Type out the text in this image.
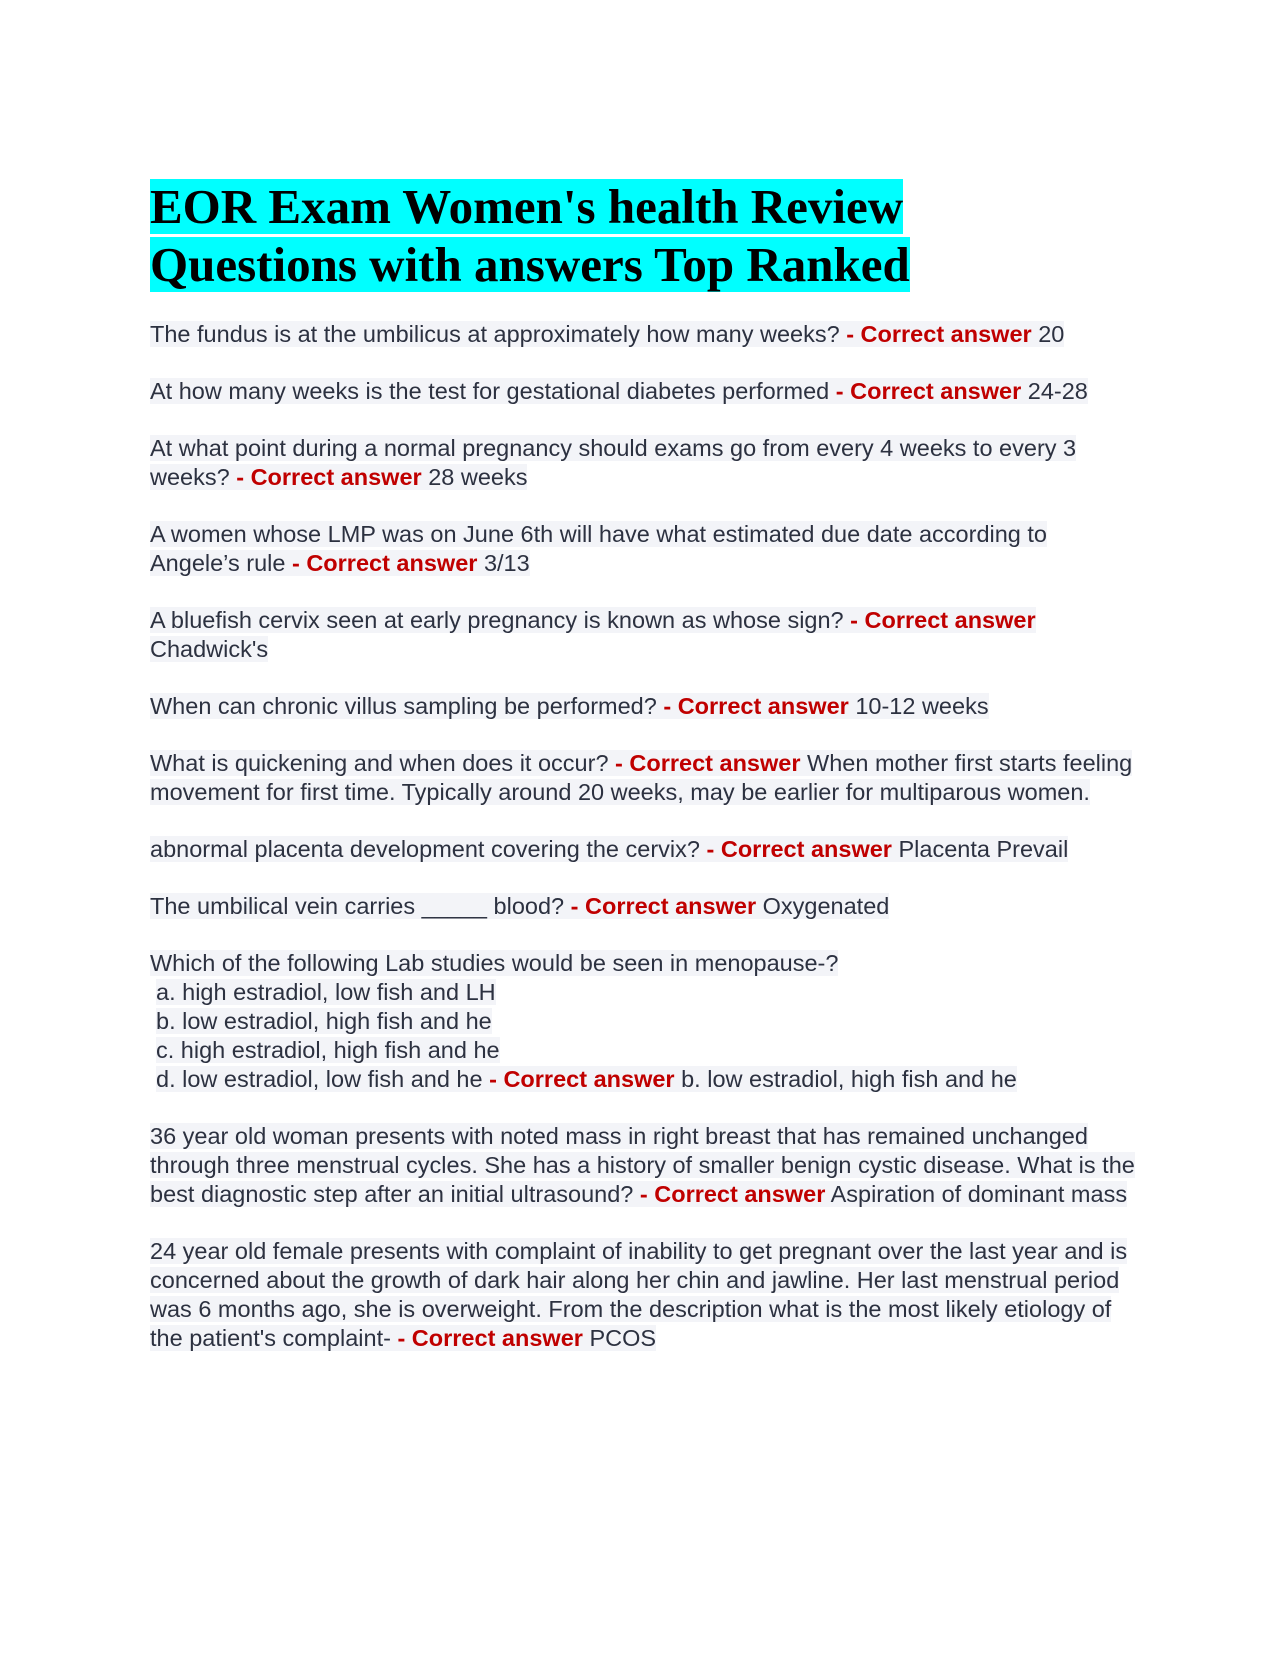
EOR Exam Women's health Review
Questions with answers Top Ranked

The fundus is at the umbilicus at approximately how many weeks? - Correct answer 20

At how many weeks is the test for gestational diabetes performed - Correct answer 24-28

At what point during a normal pregnancy should exams go from every 4 weeks to every 3 weeks? - Correct answer 28 weeks

A women whose LMP was on June 6th will have what estimated due date according to Angele’s rule - Correct answer 3/13

A bluefish cervix seen at early pregnancy is known as whose sign? - Correct answer Chadwick's

When can chronic villus sampling be performed? - Correct answer 10-12 weeks

What is quickening and when does it occur? - Correct answer When mother first starts feeling movement for first time. Typically around 20 weeks, may be earlier for multiparous women.

abnormal placenta development covering the cervix? - Correct answer Placenta Prevail

The umbilical vein carries _____ blood? - Correct answer Oxygenated

Which of the following Lab studies would be seen in menopause-?
a. high estradiol, low fish and LH
b. low estradiol, high fish and he
c. high estradiol, high fish and he
d. low estradiol, low fish and he - Correct answer b. low estradiol, high fish and he

36 year old woman presents with noted mass in right breast that has remained unchanged through three menstrual cycles. She has a history of smaller benign cystic disease. What is the best diagnostic step after an initial ultrasound? - Correct answer Aspiration of dominant mass

24 year old female presents with complaint of inability to get pregnant over the last year and is concerned about the growth of dark hair along her chin and jawline. Her last menstrual period was 6 months ago, she is overweight. From the description what is the most likely etiology of the patient's complaint- - Correct answer PCOS
